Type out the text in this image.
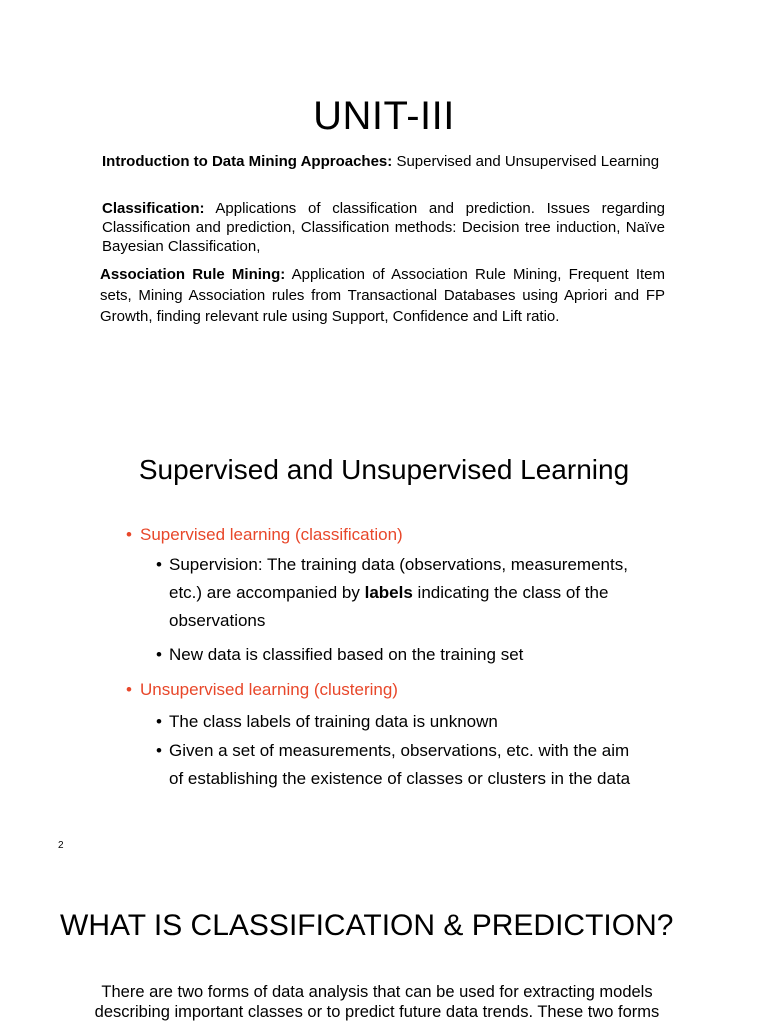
UNIT-III
Introduction to Data Mining Approaches: Supervised and Unsupervised Learning
Classification: Applications of classification and prediction. Issues regarding Classification and prediction, Classification methods: Decision tree induction, Naïve Bayesian Classification,
Association Rule Mining: Application of Association Rule Mining, Frequent Item sets, Mining Association rules from Transactional Databases using Apriori and FP Growth, finding relevant rule using Support, Confidence and Lift ratio.
Supervised and Unsupervised Learning
• Supervised learning (classification)
• Supervision: The training data (observations, measurements, etc.) are accompanied by labels indicating the class of the observations
• New data is classified based on the training set
• Unsupervised learning (clustering)
• The class labels of training data is unknown
• Given a set of measurements, observations, etc. with the aim of establishing the existence of classes or clusters in the data
2
WHAT IS CLASSIFICATION & PREDICTION?
There are two forms of data analysis that can be used for extracting models describing important classes or to predict future data trends. These two forms
